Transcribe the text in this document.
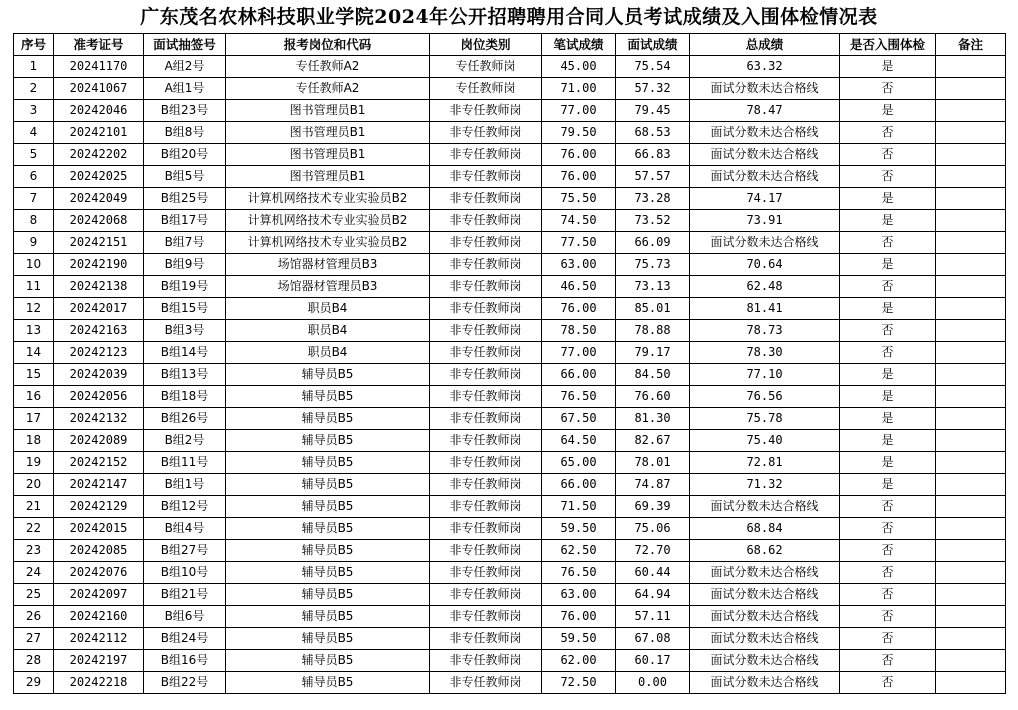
广东茂名农林科技职业学院2024年公开招聘聘用合同人员考试成绩及入围体检情况表
序号	准考证号	面试抽签号	报考岗位和代码	岗位类别	笔试成绩	面试成绩	总成绩	是否入围体检	备注
1	20241170	A组2号	专任教师A2	专任教师岗	45.00	75.54	63.32	是	
2	20241067	A组1号	专任教师A2	专任教师岗	71.00	57.32	面试分数未达合格线	否	
3	20242046	B组23号	图书管理员B1	非专任教师岗	77.00	79.45	78.47	是	
4	20242101	B组8号	图书管理员B1	非专任教师岗	79.50	68.53	面试分数未达合格线	否	
5	20242202	B组20号	图书管理员B1	非专任教师岗	76.00	66.83	面试分数未达合格线	否	
6	20242025	B组5号	图书管理员B1	非专任教师岗	76.00	57.57	面试分数未达合格线	否	
7	20242049	B组25号	计算机网络技术专业实验员B2	非专任教师岗	75.50	73.28	74.17	是	
8	20242068	B组17号	计算机网络技术专业实验员B2	非专任教师岗	74.50	73.52	73.91	是	
9	20242151	B组7号	计算机网络技术专业实验员B2	非专任教师岗	77.50	66.09	面试分数未达合格线	否	
10	20242190	B组9号	场馆器材管理员B3	非专任教师岗	63.00	75.73	70.64	是	
11	20242138	B组19号	场馆器材管理员B3	非专任教师岗	46.50	73.13	62.48	否	
12	20242017	B组15号	职员B4	非专任教师岗	76.00	85.01	81.41	是	
13	20242163	B组3号	职员B4	非专任教师岗	78.50	78.88	78.73	否	
14	20242123	B组14号	职员B4	非专任教师岗	77.00	79.17	78.30	否	
15	20242039	B组13号	辅导员B5	非专任教师岗	66.00	84.50	77.10	是	
16	20242056	B组18号	辅导员B5	非专任教师岗	76.50	76.60	76.56	是	
17	20242132	B组26号	辅导员B5	非专任教师岗	67.50	81.30	75.78	是	
18	20242089	B组2号	辅导员B5	非专任教师岗	64.50	82.67	75.40	是	
19	20242152	B组11号	辅导员B5	非专任教师岗	65.00	78.01	72.81	是	
20	20242147	B组1号	辅导员B5	非专任教师岗	66.00	74.87	71.32	是	
21	20242129	B组12号	辅导员B5	非专任教师岗	71.50	69.39	面试分数未达合格线	否	
22	20242015	B组4号	辅导员B5	非专任教师岗	59.50	75.06	68.84	否	
23	20242085	B组27号	辅导员B5	非专任教师岗	62.50	72.70	68.62	否	
24	20242076	B组10号	辅导员B5	非专任教师岗	76.50	60.44	面试分数未达合格线	否	
25	20242097	B组21号	辅导员B5	非专任教师岗	63.00	64.94	面试分数未达合格线	否	
26	20242160	B组6号	辅导员B5	非专任教师岗	76.00	57.11	面试分数未达合格线	否	
27	20242112	B组24号	辅导员B5	非专任教师岗	59.50	67.08	面试分数未达合格线	否	
28	20242197	B组16号	辅导员B5	非专任教师岗	62.00	60.17	面试分数未达合格线	否	
29	20242218	B组22号	辅导员B5	非专任教师岗	72.50	0.00	面试分数未达合格线	否	
